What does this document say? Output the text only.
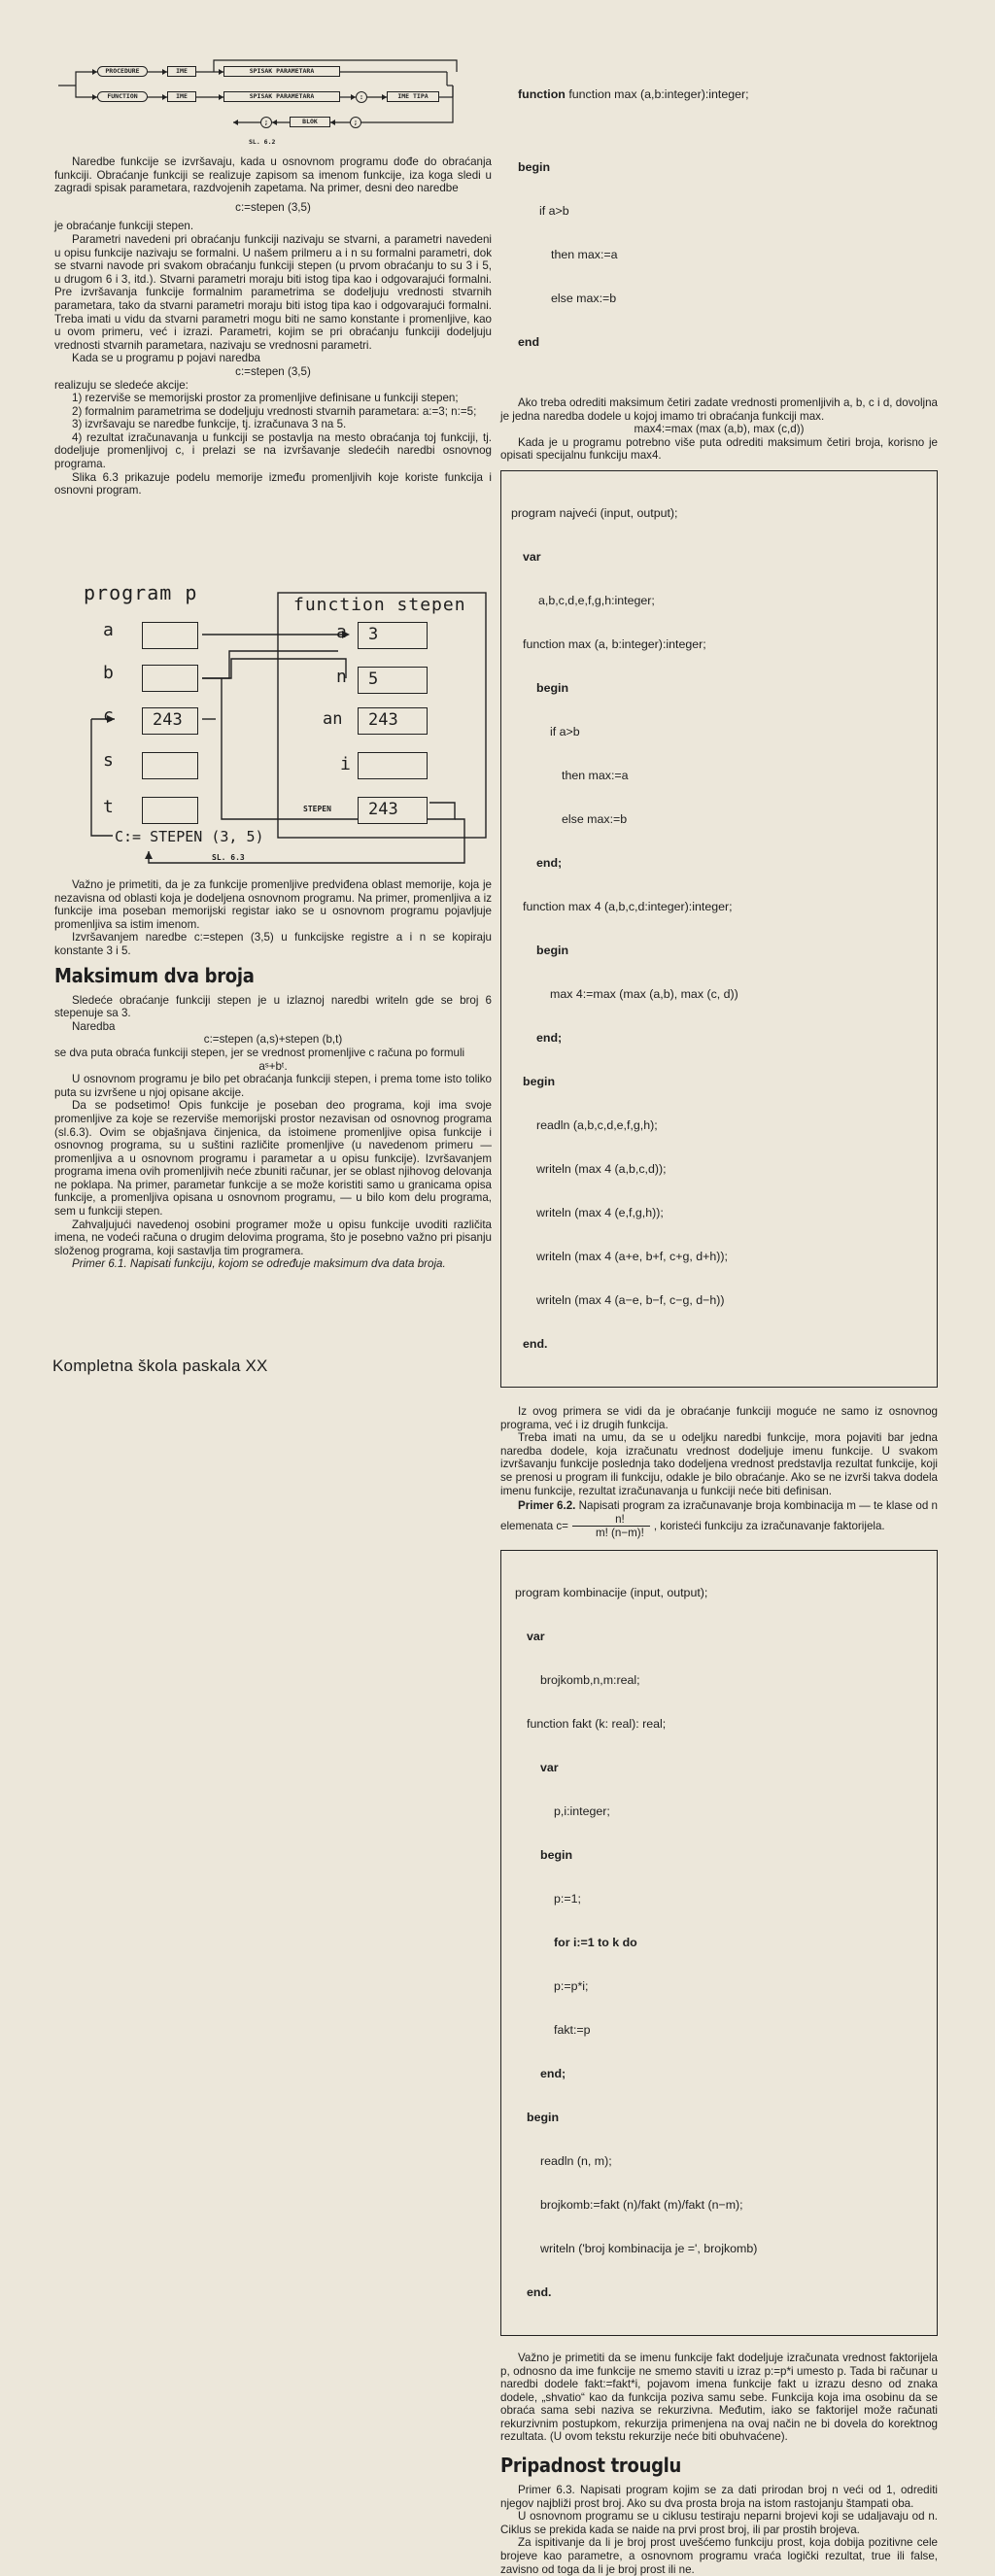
PROCEDURE
FUNCTION
IME
IME
SPISAK PARAMETARA
SPISAK PARAMETARA	:	IME TIPA
;
BLOK
;
SL. 6.2

Naredbe funkcije se izvršavaju, kada u osnovnom programu dođe do obraćanja funkciji. Obraćanje funkciji se realizuje zapisom sa imenom funkcije, iza koga sledi u zagradi spisak parametara, razdvojenih zapetama. Na primer, desni deo naredbe

c:=stepen (3,5)

je obraćanje funkciji stepen.

Parametri navedeni pri obraćanju funkciji nazivaju se stvarni, a parametri navedeni u opisu funkcije nazivaju se formalni. U našem prilmeru a i n su formalni parametri, dok se stvarni navode pri svakom obraćanju funkciji stepen (u prvom obraćanju to su 3 i 5, u drugom 6 i 3, itd.). Stvarni parametri moraju biti istog tipa kao i odgovarajući formalni. Pre izvršavanja funkcije formalnim parametrima se dodeljuju vrednosti stvarnih parametara, tako da stvarni parametri moraju biti istog tipa kao i odgovarajući formalni. Treba imati u vidu da stvarni parametri mogu biti ne samo konstante i promenljive, kao u ovom primeru, već i izrazi. Parametri, kojim se pri obraćanju funkciji dodeljuju vrednosti stvarnih parametara, nazivaju se vrednosni parametri.

Kada se u programu p pojavi naredba

c:=stepen (3,5)

realizuju se sledeće akcije:

1) rezerviše se memorijski prostor za promenljive definisane u funkciji stepen;

2) formalnim parametrima se dodeljuju vrednosti stvarnih parametara: a:=3; n:=5;

3) izvršavaju se naredbe funkcije, tj. izračunava 3 na 5.

4) rezultat izračunavanja u funkciji se postavlja na mesto obraćanja toj funkciji, tj. dodeljuje promenljivoj c, i prelazi se na izvršavanje sledećih naredbi osnovnog programa.

Slika 6.3 prikazuje podelu memorije između promenljivih koje koriste funkcija i osnovni program.

program p
function stepen
a
b
c	243
s
t
a	3
n	5
an	243
i
STEPEN	243
C:= STEPEN (3, 5)
SL. 6.3

Važno je primetiti, da je za funkcije promenljive predviđena oblast memorije, koja je nezavisna od oblasti koja je dodeljena osnovnom programu. Na primer, promenljiva a iz funkcije ima poseban memorijski registar iako se u osnovnom programu pojavljuje promenljiva sa istim imenom.

Izvršavanjem naredbe c:=stepen (3,5) u funkcijske registre a i n se kopiraju konstante 3 i 5.

Maksimum dva broja

Sledeće obraćanje funkciji stepen je u izlaznoj naredbi writeln gde se broj 6 stepenuje sa 3.

Naredba

c:=stepen (a,s)+stepen (b,t)

se dva puta obraća funkciji stepen, jer se vrednost promenljive c računa po formuli

aˢ+bᵗ.

U osnovnom programu je bilo pet obraćanja funkciji stepen, i prema tome isto toliko puta su izvršene u njoj opisane akcije.

Da se podsetimo! Opis funkcije je poseban deo programa, koji ima svoje promenljive za koje se rezerviše memorijski prostor nezavisan od osnovnog programa (sl.6.3). Ovim se objašnjava činjenica, da istoimene promenljive opisa funkcije i osnovnog programa, su u suštini različite promenljive (u navedenom primeru — promenljiva a u osnovnom programu i parametar a u opisu funkcije). Izvršavanjem programa imena ovih promenljivih neće zbuniti računar, jer se oblast njihovog delovanja ne poklapa. Na primer, parametar funkcije a se može koristiti samo u granicama opisa funkcije, a promenljiva opisana u osnovnom programu, — u bilo kom delu programa, sem u funkciji stepen.

Zahvaljujući navedenoj osobini programer može u opisu funkcije uvoditi različita imena, ne vodeći računa o drugim delovima programa, što je posebno važno pri pisanju složenog programa, koji sastavlja tim programera.

Primer 6.1. Napisati funkciju, kojom se određuje maksimum dva data broja.

function function max (a,b:integer):integer;

begin

if a>b

then max:=a

else max:=b

end

Ako treba odrediti maksimum četiri zadate vrednosti promenljivih a, b, c i d, dovoljna je jedna naredba dodele u kojoj imamo tri obraćanja funkciji max.

max4:=max (max (a,b), max (c,d))

Kada je u programu potrebno više puta odrediti maksimum četiri broja, korisno je opisati specijalnu funkciju max4.

program najveći (input, output);

var

a,b,c,d,e,f,g,h:integer;

function max (a, b:integer):integer;

begin

if a>b

then max:=a

else max:=b

end;

function max 4 (a,b,c,d:integer):integer;

begin

max 4:=max (max (a,b), max (c, d))

end;

begin

readln (a,b,c,d,e,f,g,h);

writeln (max 4 (a,b,c,d));

writeln (max 4 (e,f,g,h));

writeln (max 4 (a+e, b+f, c+g, d+h));

writeln (max 4 (a−e, b−f, c−g, d−h))

end.

Iz ovog primera se vidi da je obraćanje funkciji moguće ne samo iz osnovnog programa, već i iz drugih funkcija.

Treba imati na umu, da se u odeljku naredbi funkcije, mora pojaviti bar jedna naredba dodele, koja izračunatu vrednost dodeljuje imenu funkcije. U svakom izvršavanju funkcije poslednja tako dodeljena vrednost predstavlja rezultat funkcije, koji se prenosi u program ili funkciju, odakle je bilo obraćanje. Ako se ne izvrši takva dodela imenu funkcije, rezultat izračunavanja u funkciji neće biti definisan.

Primer 6.2. Napisati program za izračunavanje broja kombinacija m — te klase od n elemenata $c= \frac{n!}{m! (n-m)!}$ , koristeći funkciju za izračunavanje faktorijela.

program kombinacije (input, output);

var

brojkomb,n,m:real;

function fakt (k: real): real;

var

p,i:integer;

begin

p:=1;

for i:=1 to k do

p:=p*i;

fakt:=p

end;

begin

readln (n, m);

brojkomb:=fakt (n)/fakt (m)/fakt (n−m);

writeln ('broj kombinacija je =', brojkomb)

end.

Važno je primetiti da se imenu funkcije fakt dodeljuje izračunata vrednost faktorijela p, odnosno da ime funkcije ne smemo staviti u izraz p:=p*i umesto p. Tada bi računar u naredbi dodele fakt:=fakt*i, pojavom imena funkcije fakt u izrazu desno od znaka dodele, „shvatio“ kao da funkcija poziva samu sebe. Funkcija koja ima osobinu da se obraća sama sebi naziva se rekurzivna. Međutim, iako se faktorijel može računati rekurzivnim postupkom, rekurzija primenjena na ovaj način ne bi dovela do korektnog rezultata. (U ovom tekstu rekurzije neće biti obuhvaćene).

Pripadnost trouglu

Primer 6.3. Napisati program kojim se za dati prirodan broj n veći od 1, odrediti njegov najbliži prost broj. Ako su dva prosta broja na istom rastojanju štampati oba.

U osnovnom programu se u ciklusu testiraju neparni brojevi koji se udaljavaju od n. Ciklus se prekida kada se naide na prvi prost broj, ili par prostih brojeva.

Za ispitivanje da li je broj prost uvešćemo funkciju prost, koja dobija pozitivne cele brojeve kao parametre, a osnovnom programu vraća logički rezultat, true ili false, zavisno od toga da li je broj prost ili ne.

Kompletna škola paskala XX
